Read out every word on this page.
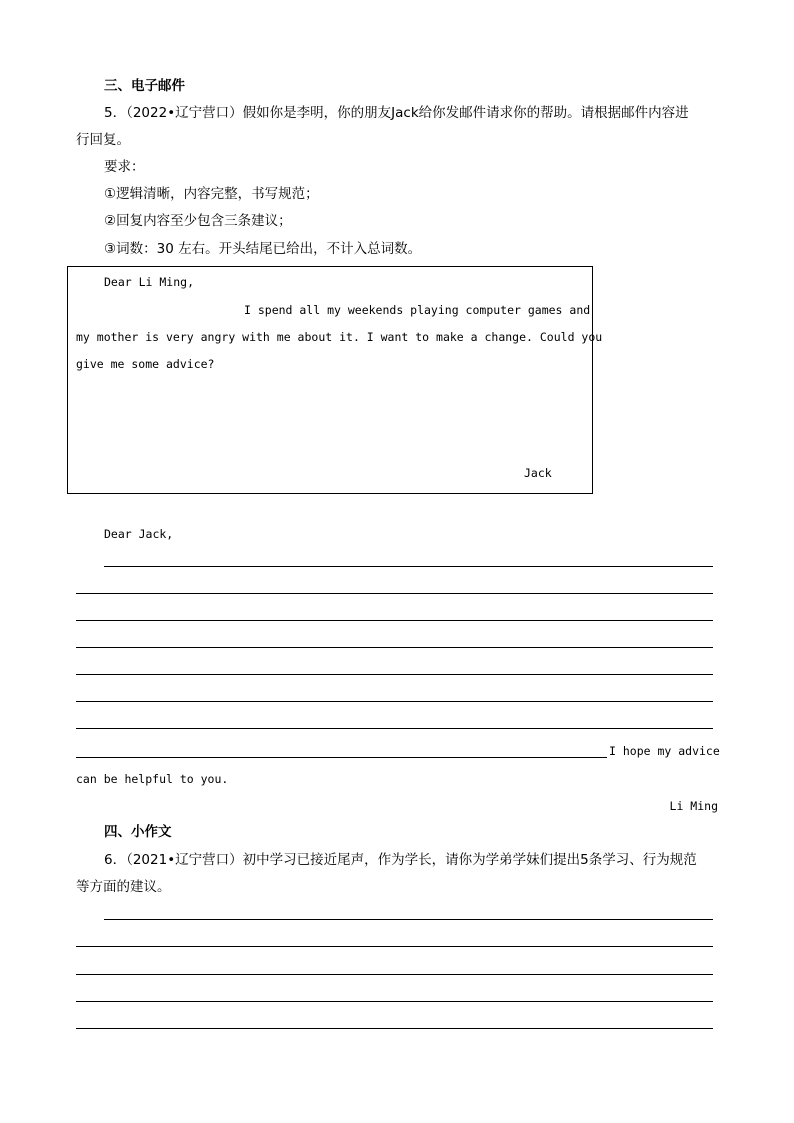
三、电子邮件
5．（2022•辽宁营口）假如你是李明，你的朋友Jack给你发邮件请求你的帮助。请根据邮件内容进
行回复。
要求：
①逻辑清晰，内容完整，书写规范；
②回复内容至少包含三条建议；
③词数：30 左右。开头结尾已给出，不计入总词数。
Dear Li Ming,
I spend all my weekends playing computer games and
my mother is very angry with me about it. I want to make a change. Could you
give me some advice?
Jack
Dear Jack,
I hope my advice
can be helpful to you.
Li Ming
四、小作文
6．（2021•辽宁营口）初中学习已接近尾声，作为学长，请你为学弟学妹们提出5条学习、行为规范
等方面的建议。
